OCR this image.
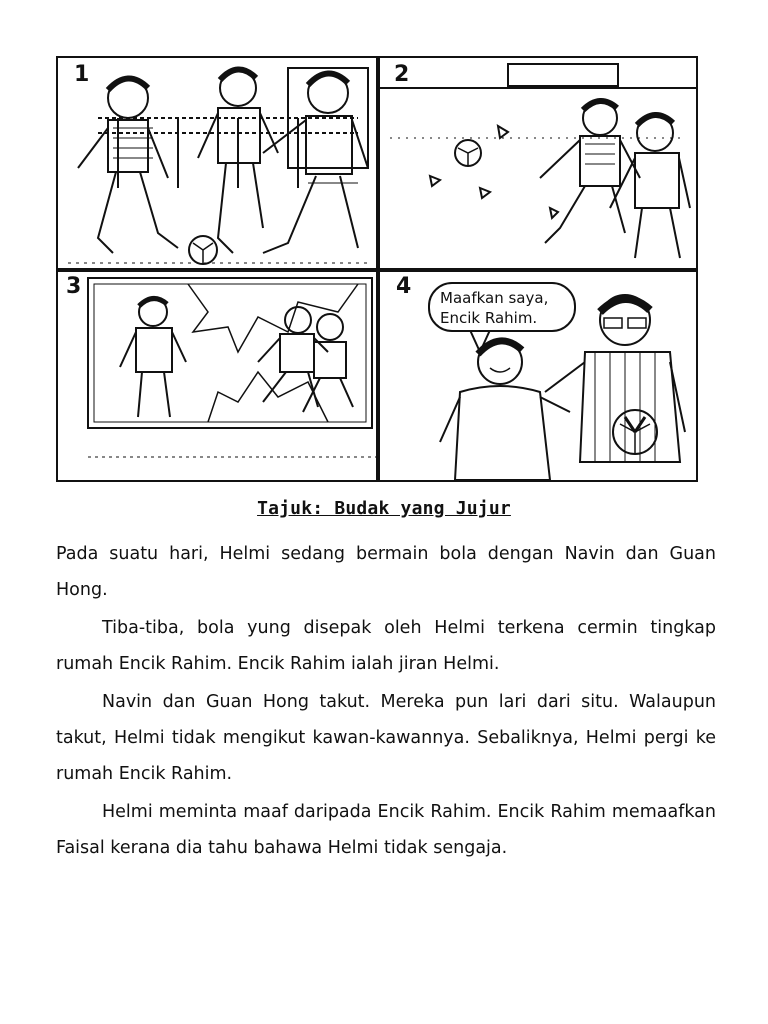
1	2
3	4	Maafkan saya, Encik Rahim.
Tajuk: Budak yang Jujur

Pada suatu hari, Helmi sedang bermain bola dengan Navin dan Guan Hong.

Tiba-tiba, bola yung disepak oleh Helmi terkena cermin tingkap rumah Encik Rahim. Encik Rahim ialah jiran Helmi.

Navin dan Guan Hong takut. Mereka pun lari dari situ. Walaupun takut, Helmi tidak mengikut kawan-kawannya. Sebaliknya, Helmi pergi ke rumah Encik Rahim.

Helmi meminta maaf daripada Encik Rahim. Encik Rahim memaafkan Faisal kerana dia tahu bahawa Helmi tidak sengaja.
